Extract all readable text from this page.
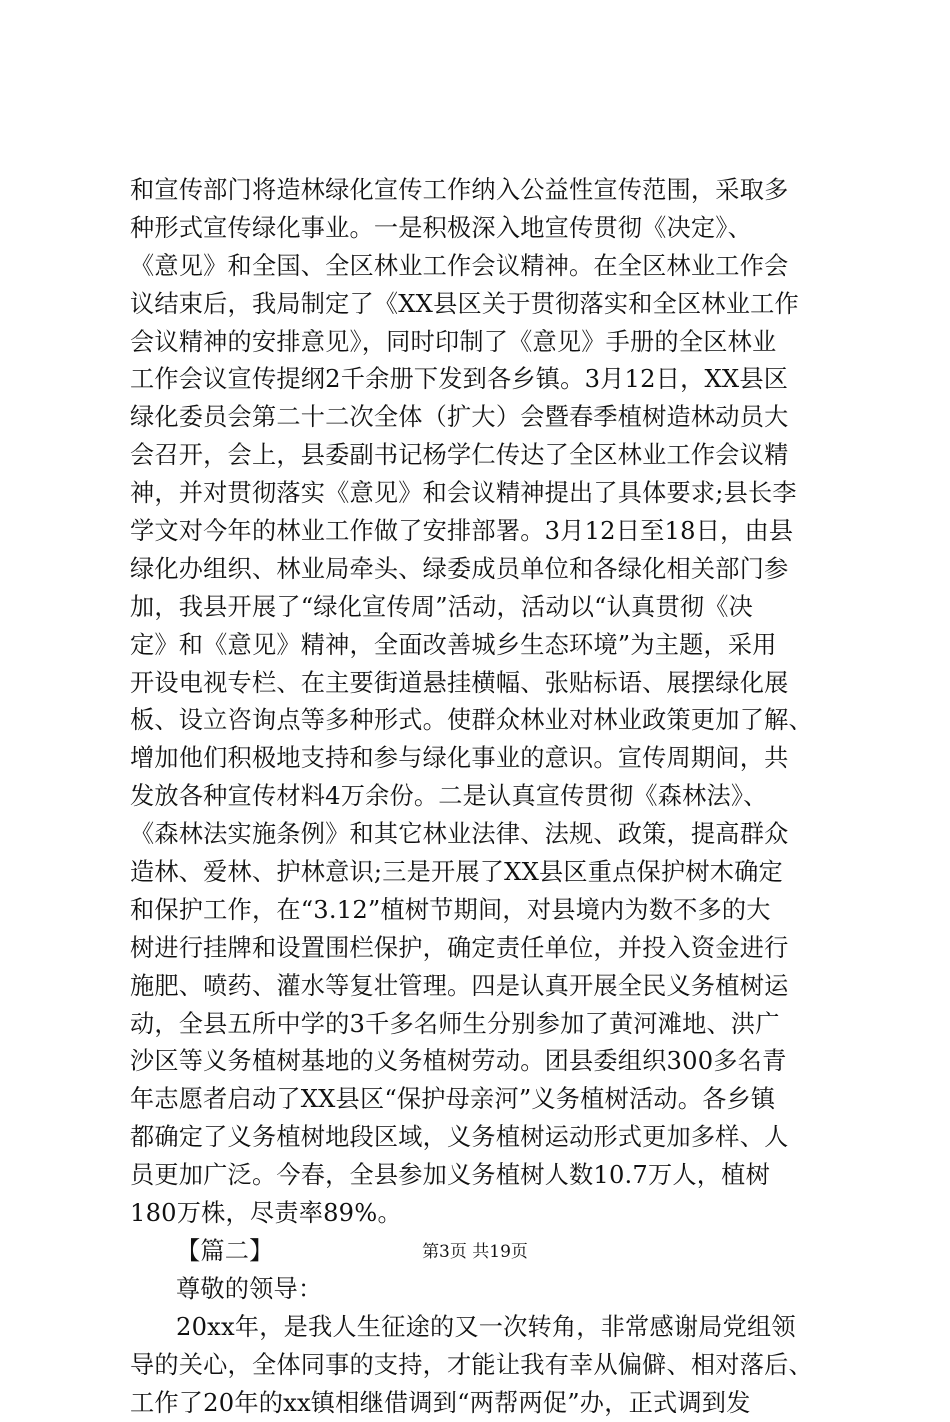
和宣传部门将造林绿化宣传工作纳入公益性宣传范围，采取多
种形式宣传绿化事业。一是积极深入地宣传贯彻《决定》、
《意见》和全国、全区林业工作会议精神。在全区林业工作会
议结束后，我局制定了《XX县区关于贯彻落实和全区林业工作
会议精神的安排意见》，同时印制了《意见》手册的全区林业
工作会议宣传提纲2千余册下发到各乡镇。3月12日，XX县区
绿化委员会第二十二次全体（扩大）会暨春季植树造林动员大
会召开，会上，县委副书记杨学仁传达了全区林业工作会议精
神，并对贯彻落实《意见》和会议精神提出了具体要求;县长李
学文对今年的林业工作做了安排部署。3月12日至18日，由县
绿化办组织、林业局牵头、绿委成员单位和各绿化相关部门参
加，我县开展了“绿化宣传周”活动，活动以“认真贯彻《决
定》和《意见》精神，全面改善城乡生态环境”为主题，采用
开设电视专栏、在主要街道悬挂横幅、张贴标语、展摆绿化展
板、设立咨询点等多种形式。使群众林业对林业政策更加了解、
增加他们积极地支持和参与绿化事业的意识。宣传周期间，共
发放各种宣传材料4万余份。二是认真宣传贯彻《森林法》、
《森林法实施条例》和其它林业法律、法规、政策，提高群众
造林、爱林、护林意识;三是开展了XX县区重点保护树木确定
和保护工作，在“3.12”植树节期间，对县境内为数不多的大
树进行挂牌和设置围栏保护，确定责任单位，并投入资金进行
施肥、喷药、灌水等复壮管理。四是认真开展全民义务植树运
动，全县五所中学的3千多名师生分别参加了黄河滩地、洪广
沙区等义务植树基地的义务植树劳动。团县委组织300多名青
年志愿者启动了XX县区“保护母亲河”义务植树活动。各乡镇
都确定了义务植树地段区域，义务植树运动形式更加多样、人
员更加广泛。今春，全县参加义务植树人数10.7万人，植树
180万株，尽责率89%。
【篇二】
尊敬的领导：
20xx年，是我人生征途的又一次转角，非常感谢局党组领
导的关心，全体同事的支持，才能让我有幸从偏僻、相对落后、
工作了20年的xx镇相继借调到“两帮两促”办，正式调到发
第3页 共19页
